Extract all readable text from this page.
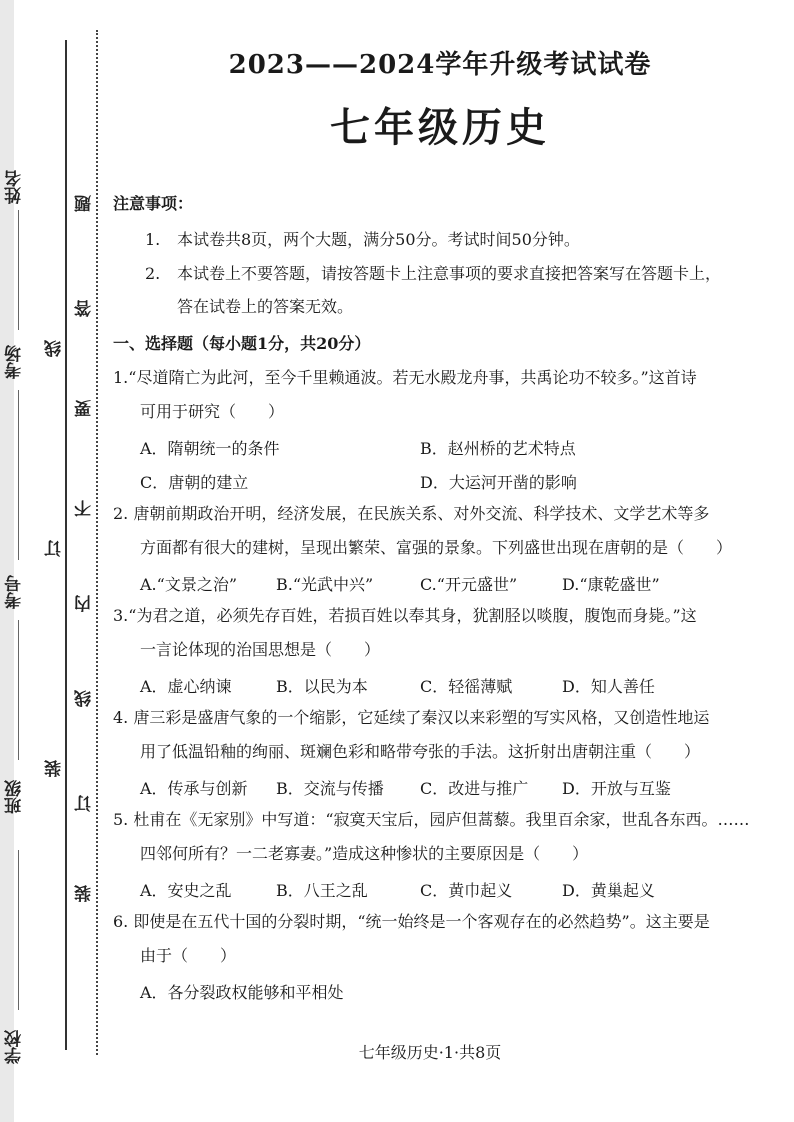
姓名
考场
考号
班级
学校
题
答
要
不
内
线
线
订
装
订
装
2023——2024学年升级考试试卷
七年级历史
注意事项：
1. 本试卷共8页，两个大题，满分50分。考试时间50分钟。
2. 本试卷上不要答题，请按答题卡上注意事项的要求直接把答案写在答题卡上，
答在试卷上的答案无效。
一、选择题（每小题1分，共20分）
1.“尽道隋亡为此河，至今千里赖通波。若无水殿龙舟事，共禹论功不较多。”这首诗
可用于研究（　　）
A．隋朝统一的条件	B．赵州桥的艺术特点
C．唐朝的建立	D．大运河开凿的影响
2. 唐朝前期政治开明，经济发展，在民族关系、对外交流、科学技术、文学艺术等多
方面都有很大的建树，呈现出繁荣、富强的景象。下列盛世出现在唐朝的是（　　）
A.“文景之治” B.“光武中兴”	C.“开元盛世”	D.“康乾盛世”
3.“为君之道，必须先存百姓，若损百姓以奉其身，犹割胫以啖腹，腹饱而身毙。”这
一言论体现的治国思想是（　　）
A．虚心纳谏	B．以民为本	C．轻徭薄赋	D．知人善任
4. 唐三彩是盛唐气象的一个缩影，它延续了秦汉以来彩塑的写实风格，又创造性地运
用了低温铅釉的绚丽、斑斓色彩和略带夸张的手法。这折射出唐朝注重（　　）
A．传承与创新 B．交流与传播 C．改进与推广 D．开放与互鉴
5. 杜甫在《无家别》中写道：“寂寞天宝后，园庐但蒿藜。我里百余家，世乱各东西。……
四邻何所有？一二老寡妻。”造成这种惨状的主要原因是（　　）
A．安史之乱	B．八王之乱	C．黄巾起义	D．黄巢起义
6. 即使是在五代十国的分裂时期，“统一始终是一个客观存在的必然趋势”。这主要是
由于（　　）
A．各分裂政权能够和平相处
七年级历史·1·共8页
